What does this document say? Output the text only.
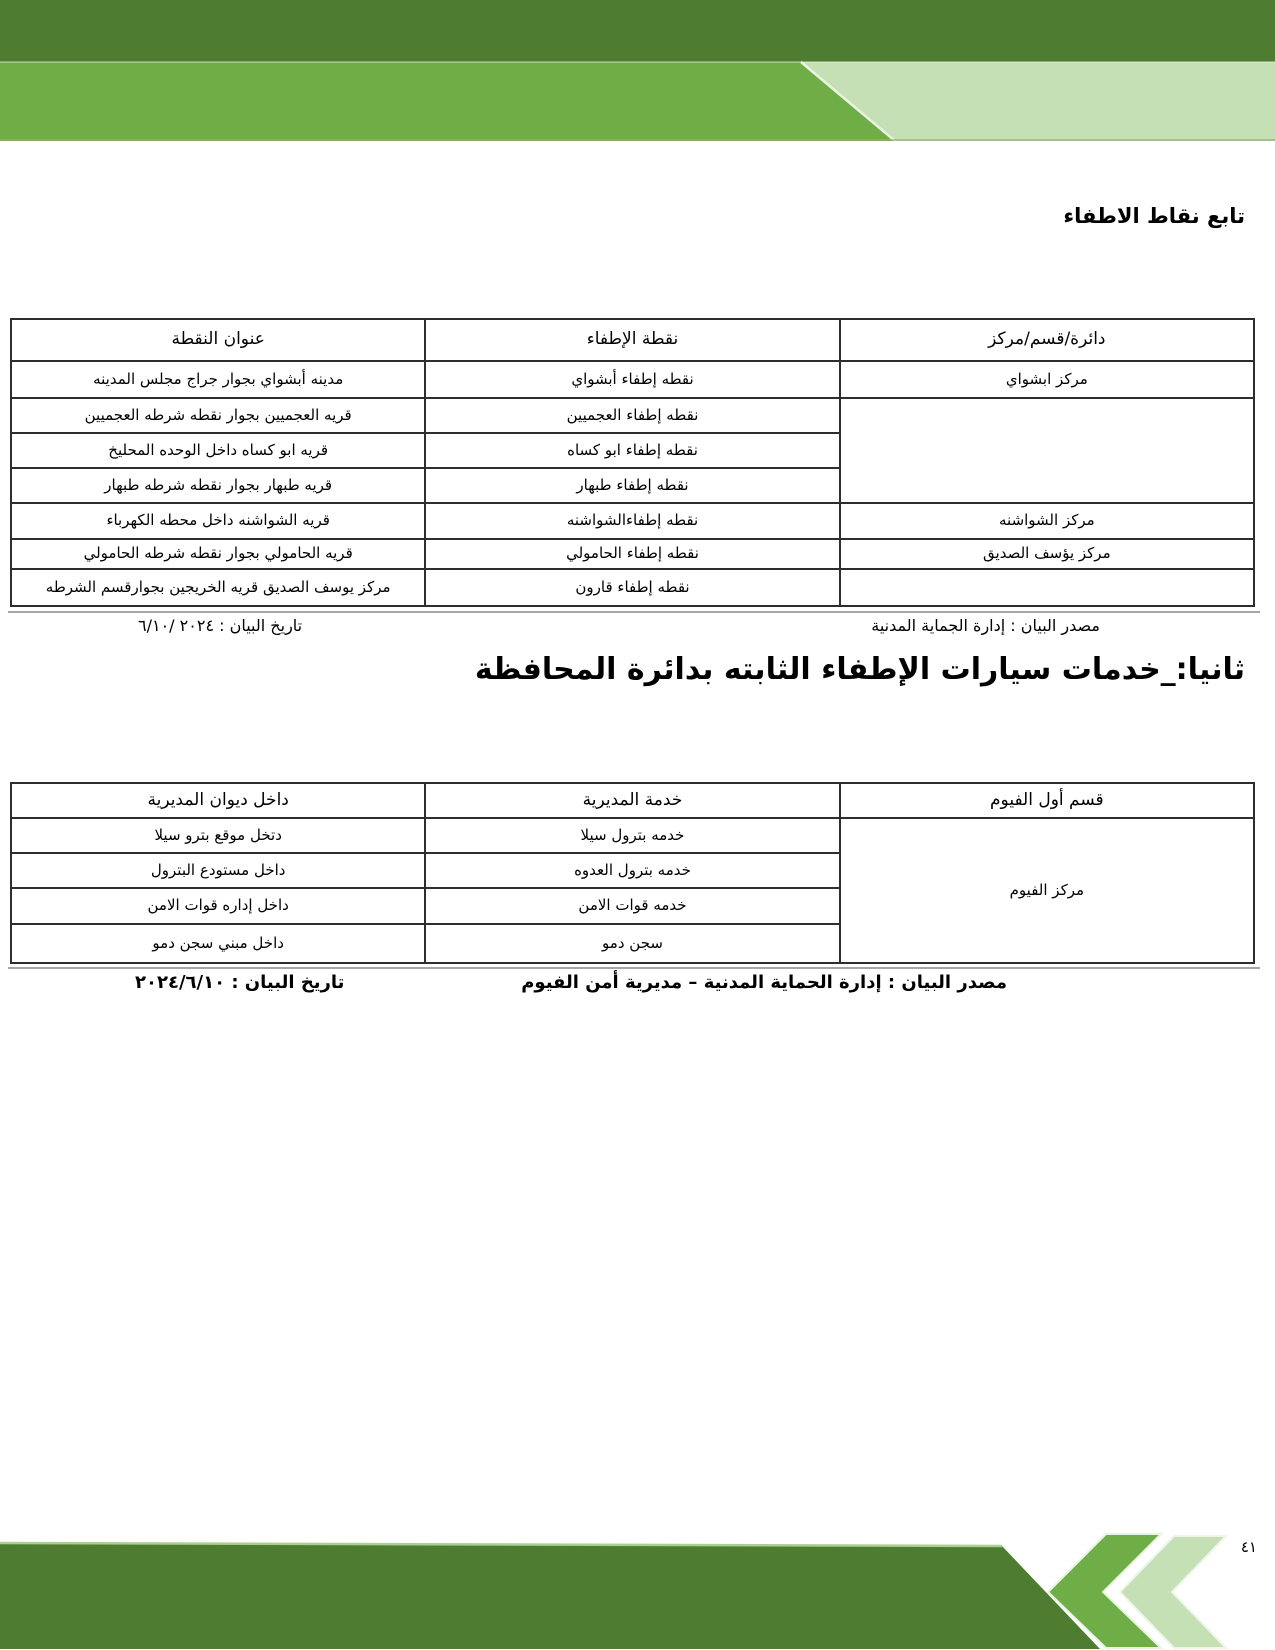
تابع نقاط الاطفاء
دائرة/قسم/مركز	نقطة الإطفاء	عنوان النقطة
مركز ابشواي	نقطه إطفاء أبشواي	مدينه أبشواي بجوار جراج مجلس المدينه
	نقطه إطفاء العجميين	قريه العجميين بجوار نقطه شرطه العجميين
	نقطه إطفاء ابو كساه	قريه ابو كساه داخل الوحده المحليخ
	نقطه إطفاء طبهار	قريه طبهار بجوار نقطه شرطه طبهار
مركز الشواشنه	نقطه إطفاءالشواشنه	قريه الشواشنه داخل محطه الكهرباء
مركز يؤسف الصديق	نقطه إطفاء الحامولي	قريه الحامولي بجوار نقطه شرطه الحامولي
	نقطه إطفاء قارون	مركز يوسف الصديق قريه الخريجين بجوارقسم الشرطه
مصدر البيان : إدارة الجماية المدنية
تاريخ البيان : ٢٠٢٤ /٦/١٠
ثانيا:_خدمات سيارات الإطفاء الثابته بدائرة المحافظة
قسم أول الفيوم	خدمة المديرية	داخل ديوان المديرية
مركز الفيوم	خدمه بترول سيلا	دتخل موقع بترو سيلا
	خدمه بترول العدوه	داخل مستودع البترول
	خدمه قوات الامن	داخل إداره قوات الامن
	سجن دمو	داخل مبني سجن دمو
مصدر البيان : إدارة الحماية المدنية – مديرية أمن الفيوم
تاريخ البيان : ٢٠٢٤/٦/١٠
٤١
